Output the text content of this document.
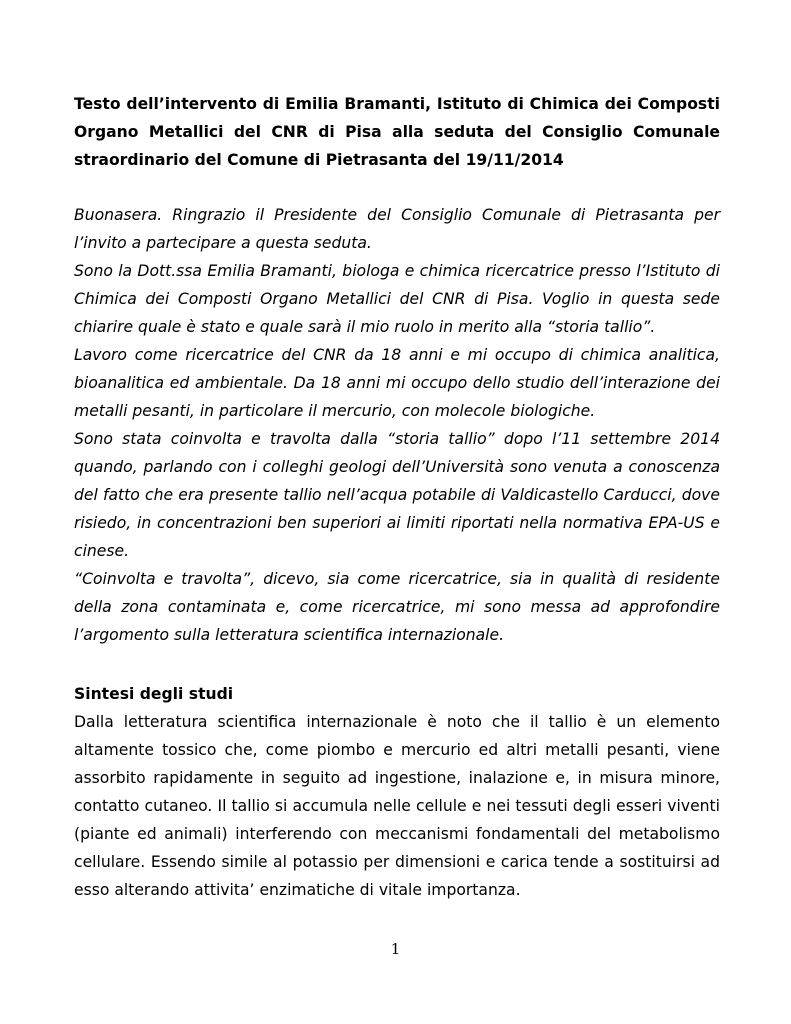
Testo dell’intervento di Emilia Bramanti, Istituto di Chimica dei Composti Organo Metallici del CNR di Pisa alla seduta del Consiglio Comunale straordinario del Comune di Pietrasanta del 19/11/2014

Buonasera. Ringrazio il Presidente del Consiglio Comunale di Pietrasanta per l’invito a partecipare a questa seduta.

Sono la Dott.ssa Emilia Bramanti, biologa e chimica ricercatrice presso l’Istituto di Chimica dei Composti Organo Metallici del CNR di Pisa. Voglio in questa sede chiarire quale è stato e quale sarà il mio ruolo in merito alla “storia tallio”.

Lavoro come ricercatrice del CNR da 18 anni e mi occupo di chimica analitica, bioanalitica ed ambientale. Da 18 anni mi occupo dello studio dell’interazione dei metalli pesanti, in particolare il mercurio, con molecole biologiche.

Sono stata coinvolta e travolta dalla “storia tallio” dopo l’11 settembre 2014 quando, parlando con i colleghi geologi dell’Università sono venuta a conoscenza del fatto che era presente tallio nell’acqua potabile di Valdicastello Carducci, dove risiedo, in concentrazioni ben superiori ai limiti riportati nella normativa EPA-US e cinese.

“Coinvolta e travolta”, dicevo, sia come ricercatrice, sia in qualità di residente della zona contaminata e, come ricercatrice, mi sono messa ad approfondire l’argomento sulla letteratura scientifica internazionale.

Sintesi degli studi

Dalla letteratura scientifica internazionale è noto che il tallio è un elemento altamente tossico che, come piombo e mercurio ed altri metalli pesanti, viene assorbito rapidamente in seguito ad ingestione, inalazione e, in misura minore, contatto cutaneo. Il tallio si accumula nelle cellule e nei tessuti degli esseri viventi (piante ed animali) interferendo con meccanismi fondamentali del metabolismo cellulare. Essendo simile al potassio per dimensioni e carica tende a sostituirsi ad esso alterando attivita’ enzimatiche di vitale importanza.

1
